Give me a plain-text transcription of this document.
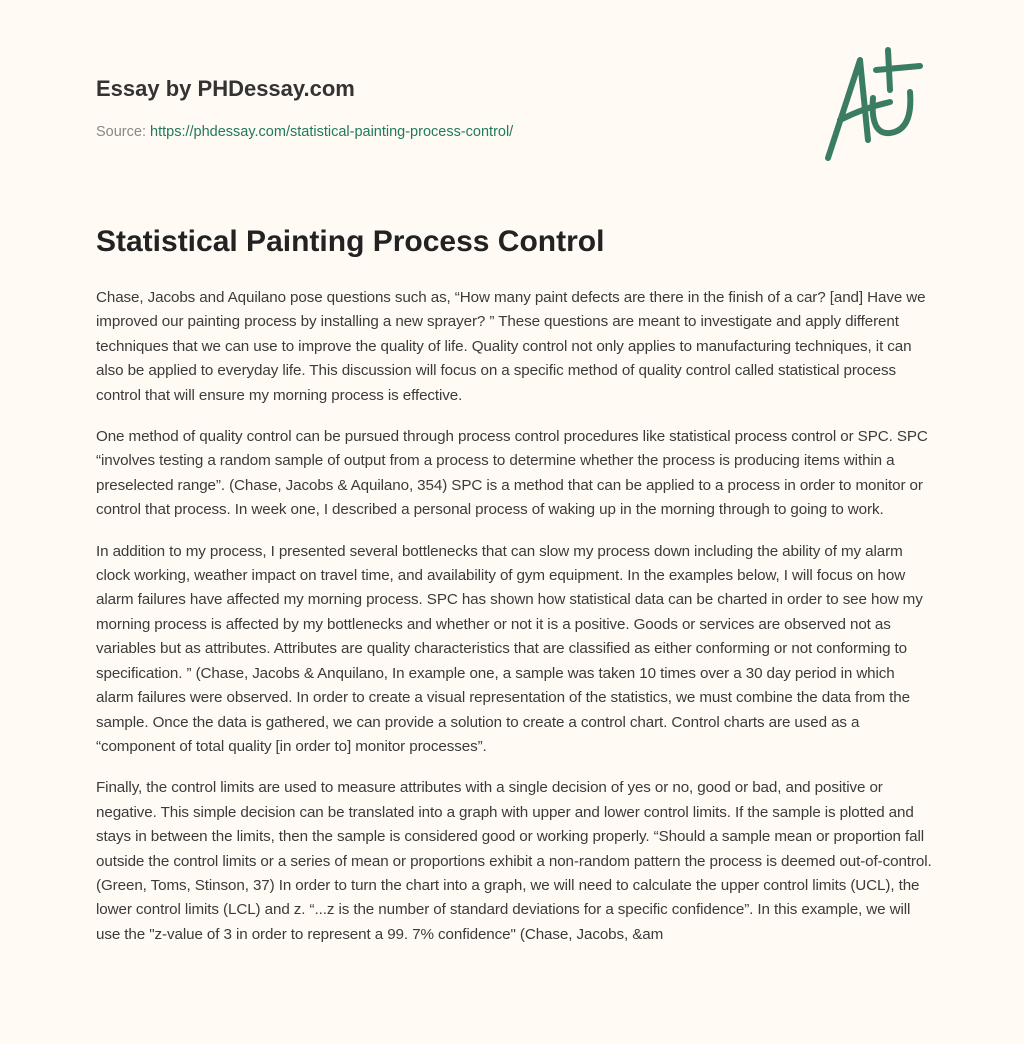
Essay by PHDessay.com
Source: https://phdessay.com/statistical-painting-process-control/
Statistical Painting Process Control

Chase, Jacobs and Aquilano pose questions such as, “How many paint defects are there in the finish of a car? [and] Have we improved our painting process by installing a new sprayer? ” These questions are meant to investigate and apply different techniques that we can use to improve the quality of life. Quality control not only applies to manufacturing techniques, it can also be applied to everyday life. This discussion will focus on a specific method of quality control called statistical process control that will ensure my morning process is effective.

One method of quality control can be pursued through process control procedures like statistical process control or SPC. SPC “involves testing a random sample of output from a process to determine whether the process is producing items within a preselected range”. (Chase, Jacobs & Aquilano, 354) SPC is a method that can be applied to a process in order to monitor or control that process. In week one, I described a personal process of waking up in the morning through to going to work.

In addition to my process, I presented several bottlenecks that can slow my process down including the ability of my alarm clock working, weather impact on travel time, and availability of gym equipment. In the examples below, I will focus on how alarm failures have affected my morning process. SPC has shown how statistical data can be charted in order to see how my morning process is affected by my bottlenecks and whether or not it is a positive. Goods or services are observed not as variables but as attributes. Attributes are quality characteristics that are classified as either conforming or not conforming to specification. ” (Chase, Jacobs & Anquilano, In example one, a sample was taken 10 times over a 30 day period in which alarm failures were observed. In order to create a visual representation of the statistics, we must combine the data from the sample. Once the data is gathered, we can provide a solution to create a control chart. Control charts are used as a “component of total quality [in order to] monitor processes”.

Finally, the control limits are used to measure attributes with a single decision of yes or no, good or bad, and positive or negative. This simple decision can be translated into a graph with upper and lower control limits. If the sample is plotted and stays in between the limits, then the sample is considered good or working properly. “Should a sample mean or proportion fall outside the control limits or a series of mean or proportions exhibit a non-random pattern the process is deemed out-of-control. (Green, Toms, Stinson, 37) In order to turn the chart into a graph, we will need to calculate the upper control limits (UCL), the lower control limits (LCL) and z. “...z is the number of standard deviations for a specific confidence”. In this example, we will use the "z-value of 3 in order to represent a 99. 7% confidence" (Chase, Jacobs, &am
